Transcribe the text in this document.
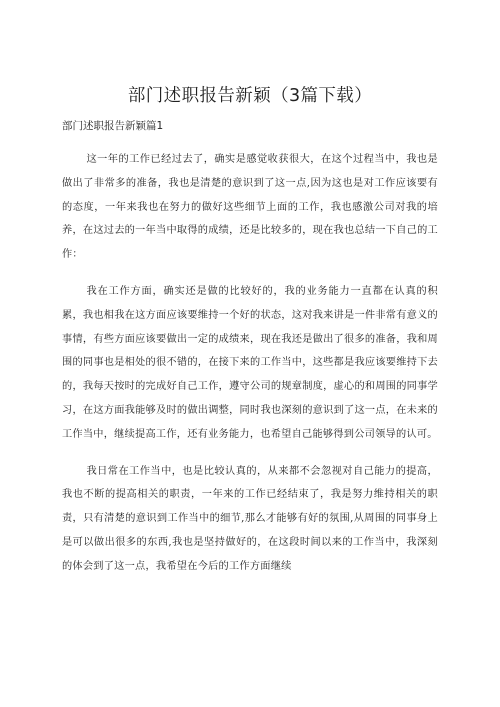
部门述职报告新颖（3篇下载）
部门述职报告新颖篇1

这一年的工作已经过去了，确实是感觉收获很大，在这个过程当中，我也是做出了非常多的准备，我也是清楚的意识到了这一点,因为这也是对工作应该要有的态度，一年来我也在努力的做好这些细节上面的工作，我也感激公司对我的培养，在这过去的一年当中取得的成绩，还是比较多的，现在我也总结一下自己的工作：

我在工作方面，确实还是做的比较好的，我的业务能力一直都在认真的积累，我也相我在这方面应该要维持一个好的状态，这对我来讲是一件非常有意义的事情，有些方面应该要做出一定的成绩来，现在我还是做出了很多的准备，我和周围的同事也是相处的很不错的，在接下来的工作当中，这些都是我应该要维持下去的，我每天按时的完成好自己工作，遵守公司的规章制度，虚心的和周围的同事学习，在这方面我能够及时的做出调整，同时我也深刻的意识到了这一点，在未来的工作当中，继续提高工作，还有业务能力，也希望自己能够得到公司领导的认可。

我日常在工作当中，也是比较认真的，从来都不会忽视对自己能力的提高，我也不断的提高相关的职责，一年来的工作已经结束了，我是努力维持相关的职责，只有清楚的意识到工作当中的细节,那么才能够有好的氛围,从周围的同事身上是可以做出很多的东西,我也是坚持做好的，在这段时间以来的工作当中，我深刻的体会到了这一点，我希望在今后的工作方面继续
